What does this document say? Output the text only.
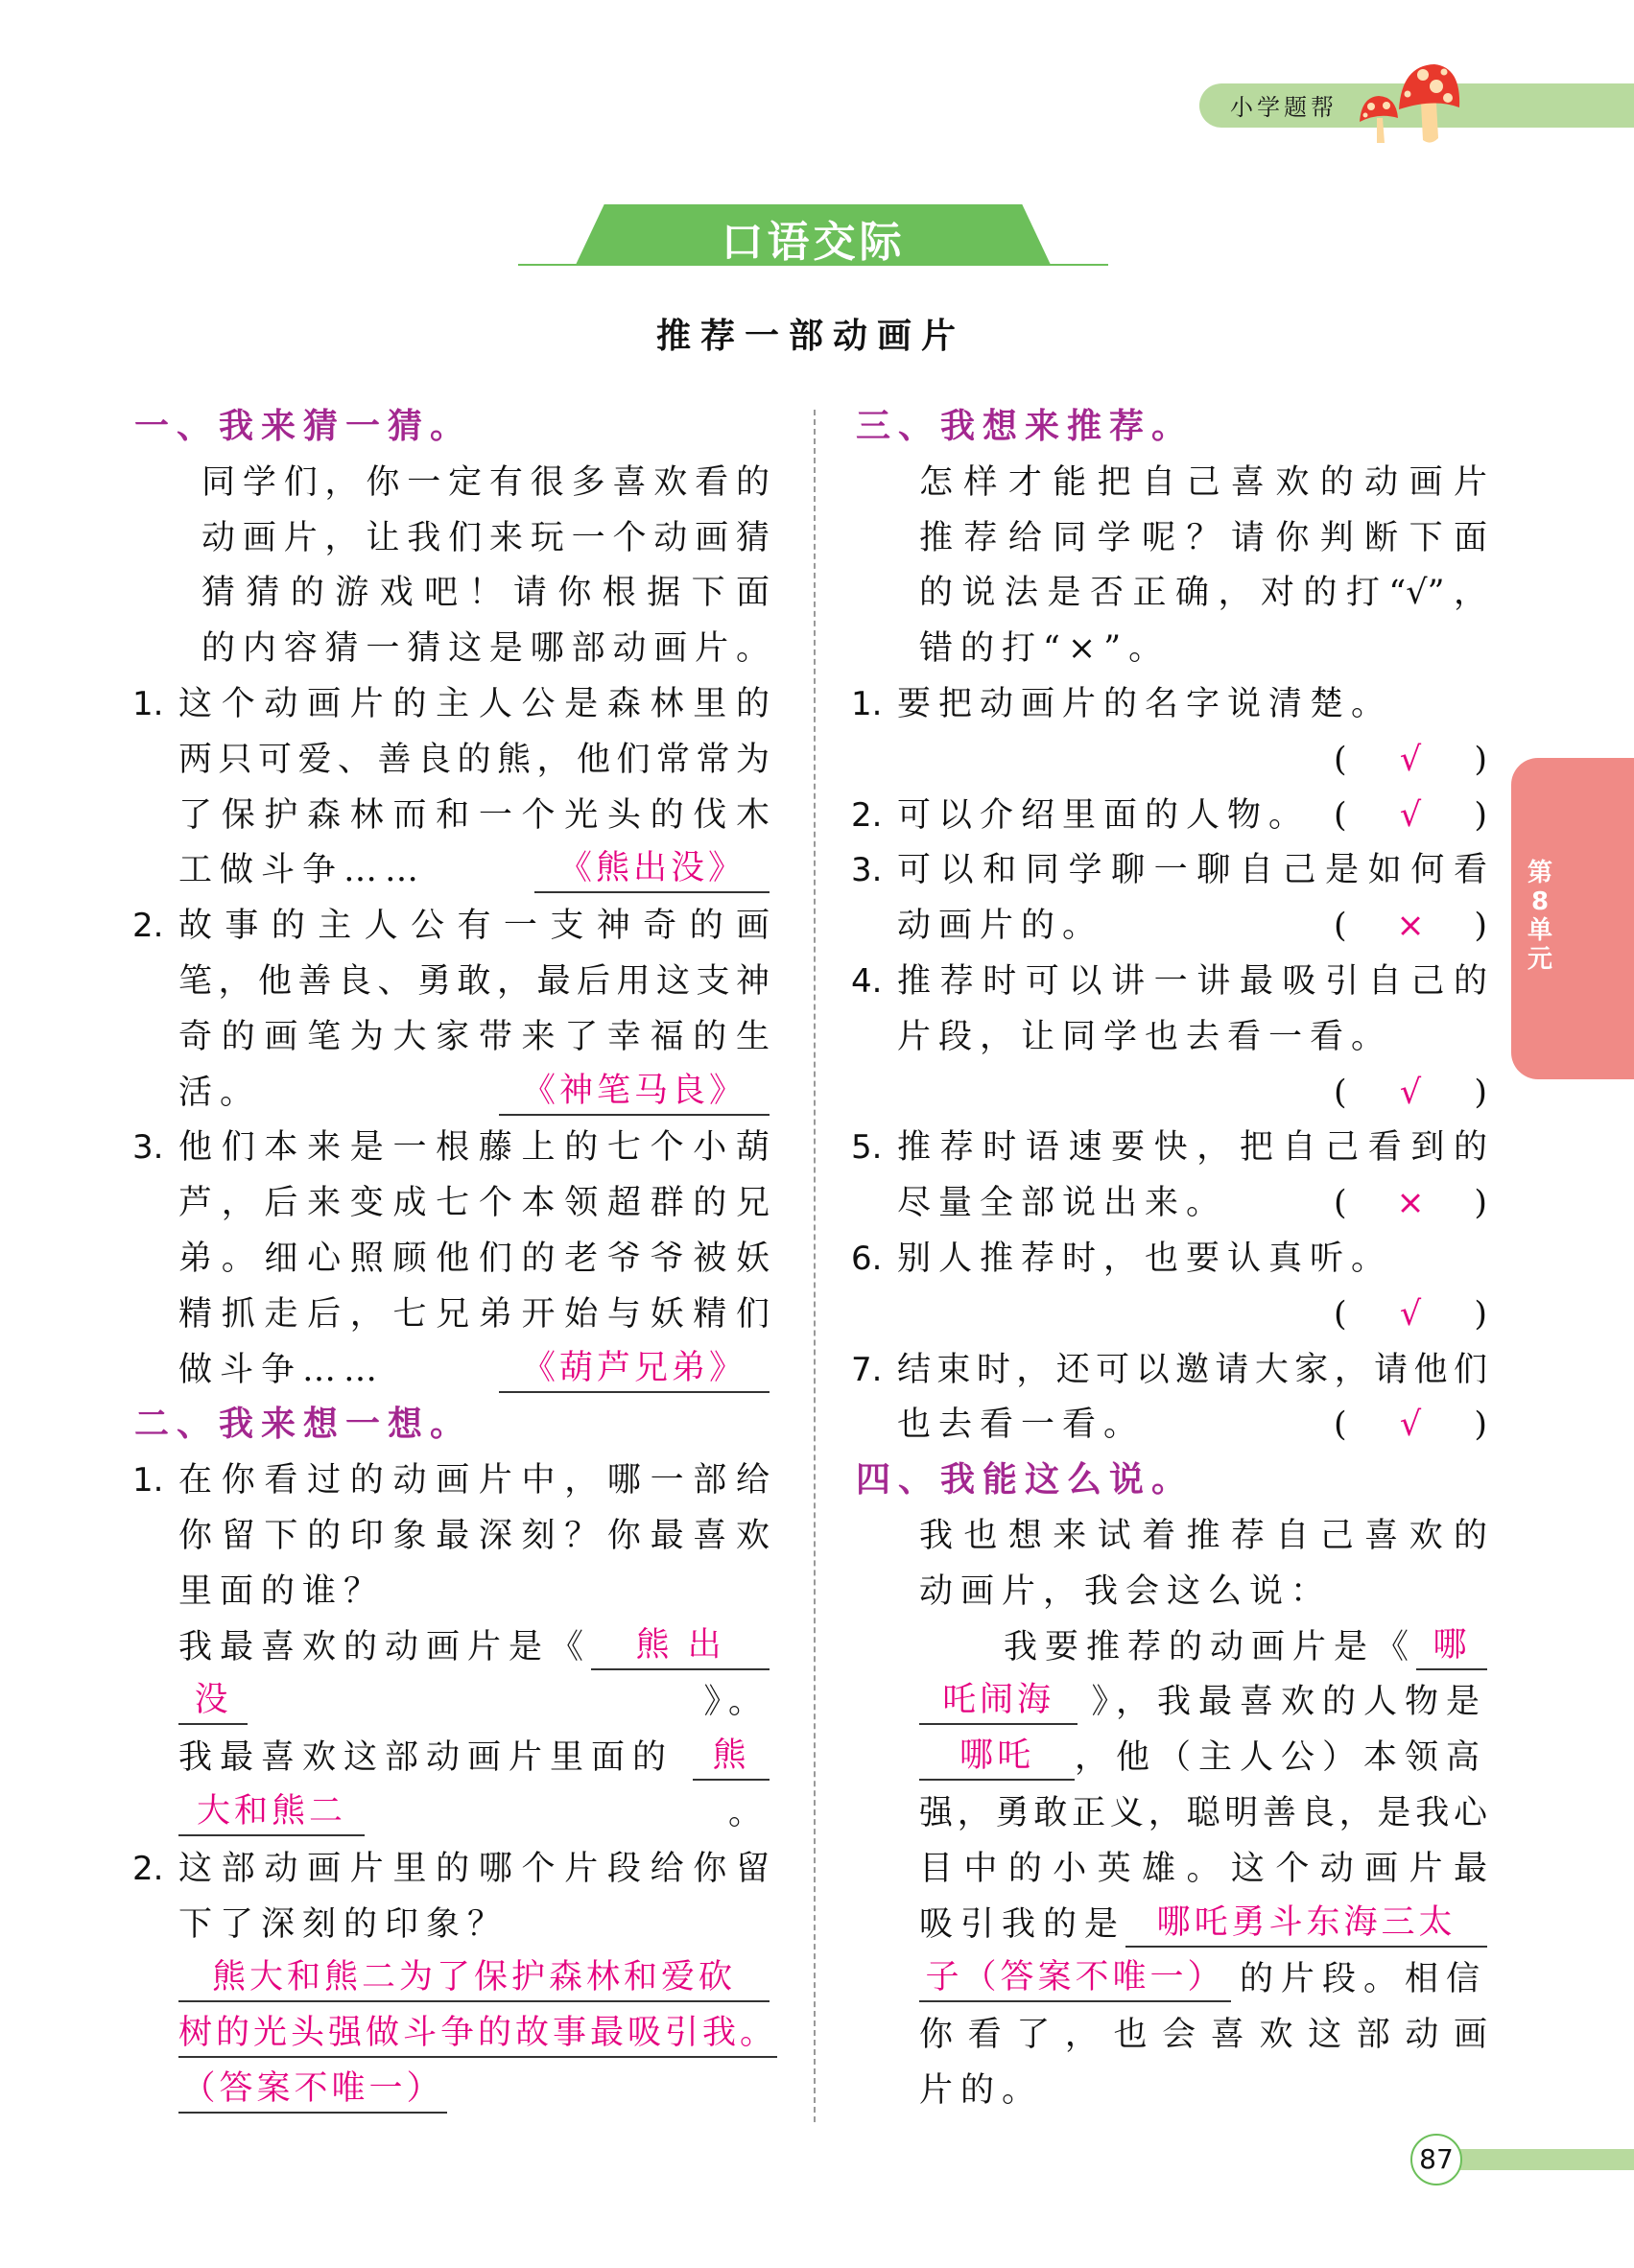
小学题帮
口语交际
推荐一部动画片
一、我来猜一猜。
同学们，你一定有很多喜欢看的
动画片，让我们来玩一个动画猜
猜猜的游戏吧！请你根据下面
的内容猜一猜这是哪部动画片。
1. 这个动画片的主人公是森林里的
两只可爱、善良的熊，他们常常为
了保护森林而和一个光头的伐木
工做斗争……	《熊出没》
2. 故事的主人公有一支神奇的画
笔，他善良、勇敢，最后用这支神
奇的画笔为大家带来了幸福的生
活。	《神笔马良》
3. 他们本来是一根藤上的七个小葫
芦，后来变成七个本领超群的兄
弟。细心照顾他们的老爷爷被妖
精抓走后，七兄弟开始与妖精们
做斗争……	《葫芦兄弟》
二、我来想一想。
1. 在你看过的动画片中，哪一部给
你留下的印象最深刻？你最喜欢
里面的谁？
我最喜欢的动画片是《	熊 出
没	》。
我最喜欢这部动画片里面的	熊
大和熊二	。
2. 这部动画片里的哪个片段给你留
下了深刻的印象？
熊大和熊二为了保护森林和爱砍
树的光头强做斗争的故事最吸引我。
（答案不唯一）
三、我想来推荐。
怎样才能把自己喜欢的动画片
推荐给同学呢？请你判断下面
的说法是否正确，对的打“√”，
错的打“×”。
1. 要把动画片的名字说清楚。
( √ )
2. 可以介绍里面的人物。 ( √ )
3. 可以和同学聊一聊自己是如何看
动画片的。	( × )
4. 推荐时可以讲一讲最吸引自己的
片段，让同学也去看一看。
( √ )
5. 推荐时语速要快，把自己看到的
尽量全部说出来。	( × )
6. 别人推荐时，也要认真听。
( √ )
7. 结束时，还可以邀请大家，请他们
也去看一看。	( √ )
四、我能这么说。
我也想来试着推荐自己喜欢的
动画片，我会这么说：
我要推荐的动画片是《 哪
吒闹海	》，我最喜欢的人物是
哪吒	，他（主人公）本领高
强，勇敢正义，聪明善良，是我心
目中的小英雄。这个动画片最
吸引我的是 哪吒勇斗东海三太
子（答案不唯一） 的片段。相信
你看了，也会喜欢这部动画
片的。
第8单元
87
